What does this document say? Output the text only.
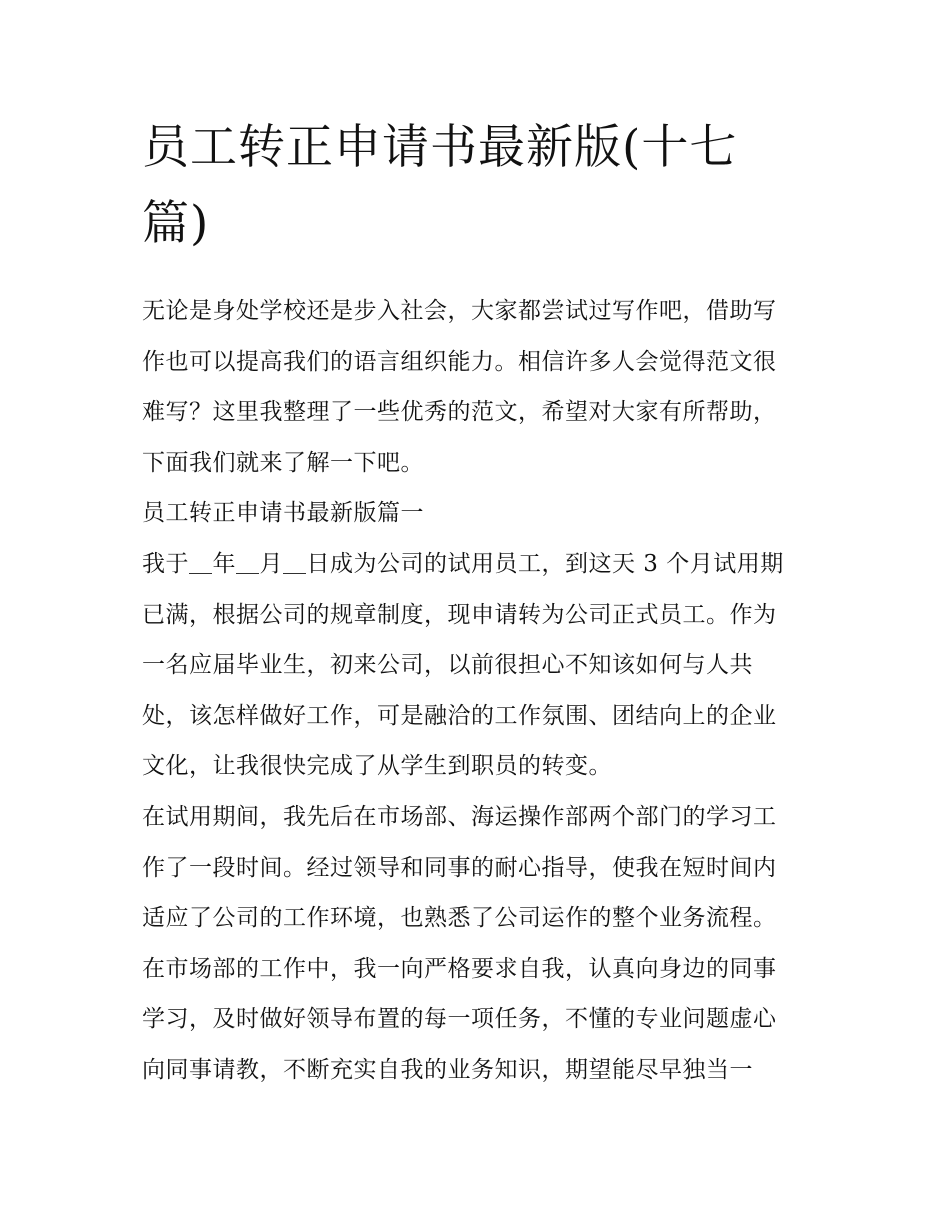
员工转正申请书最新版(十七篇)
无论是身处学校还是步入社会，大家都尝试过写作吧，借助写
作也可以提高我们的语言组织能力。相信许多人会觉得范文很
难写？这里我整理了一些优秀的范文，希望对大家有所帮助，
下面我们就来了解一下吧。
员工转正申请书最新版篇一
我于＿年＿月＿日成为公司的试用员工，到这天 3 个月试用期
已满，根据公司的规章制度，现申请转为公司正式员工。作为
一名应届毕业生，初来公司，以前很担心不知该如何与人共
处，该怎样做好工作，可是融洽的工作氛围、团结向上的企业
文化，让我很快完成了从学生到职员的转变。
在试用期间，我先后在市场部、海运操作部两个部门的学习工
作了一段时间。经过领导和同事的耐心指导，使我在短时间内
适应了公司的工作环境，也熟悉了公司运作的整个业务流程。
在市场部的工作中，我一向严格要求自我，认真向身边的同事
学习，及时做好领导布置的每一项任务，不懂的专业问题虚心
向同事请教，不断充实自我的业务知识，期望能尽早独当一
